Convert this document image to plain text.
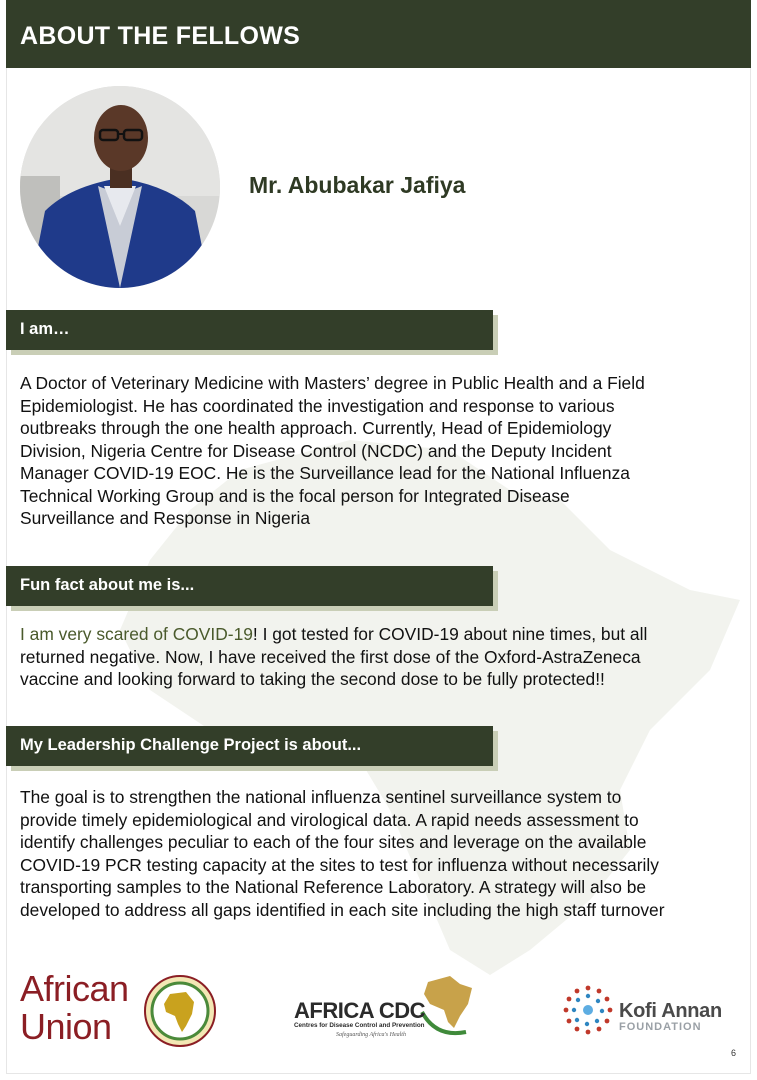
ABOUT THE FELLOWS
Mr. Abubakar Jafiya
I am…
A Doctor of Veterinary Medicine with Masters’ degree in Public Health and a Field
Epidemiologist. He has coordinated the investigation and response to various
outbreaks through the one health approach. Currently, Head of Epidemiology
Division, Nigeria Centre for Disease Control (NCDC) and the Deputy Incident
Manager COVID-19 EOC. He is the Surveillance lead for the National Influenza
Technical Working Group and is the focal person for Integrated Disease
Surveillance and Response in Nigeria
Fun fact about me is...
I am very scared of COVID-19! I got tested for COVID-19 about nine times, but all
returned negative. Now, I have received the first dose of the Oxford-AstraZeneca
vaccine and looking forward to taking the second dose to be fully protected!!
My Leadership Challenge Project is about...
The goal is to strengthen the national influenza sentinel surveillance system to
provide timely epidemiological and virological data. A rapid needs assessment to
identify challenges peculiar to each of the four sites and leverage on the available
COVID-19 PCR testing capacity at the sites to test for influenza without necessarily
transporting samples to the National Reference Laboratory. A strategy will also be
developed to address all gaps identified in each site including the high staff turnover
African
Union	AFRICA CDC
Centres for Disease Control and Prevention
Safeguarding Africa's Health
Kofi Annan
FOUNDATION
6
